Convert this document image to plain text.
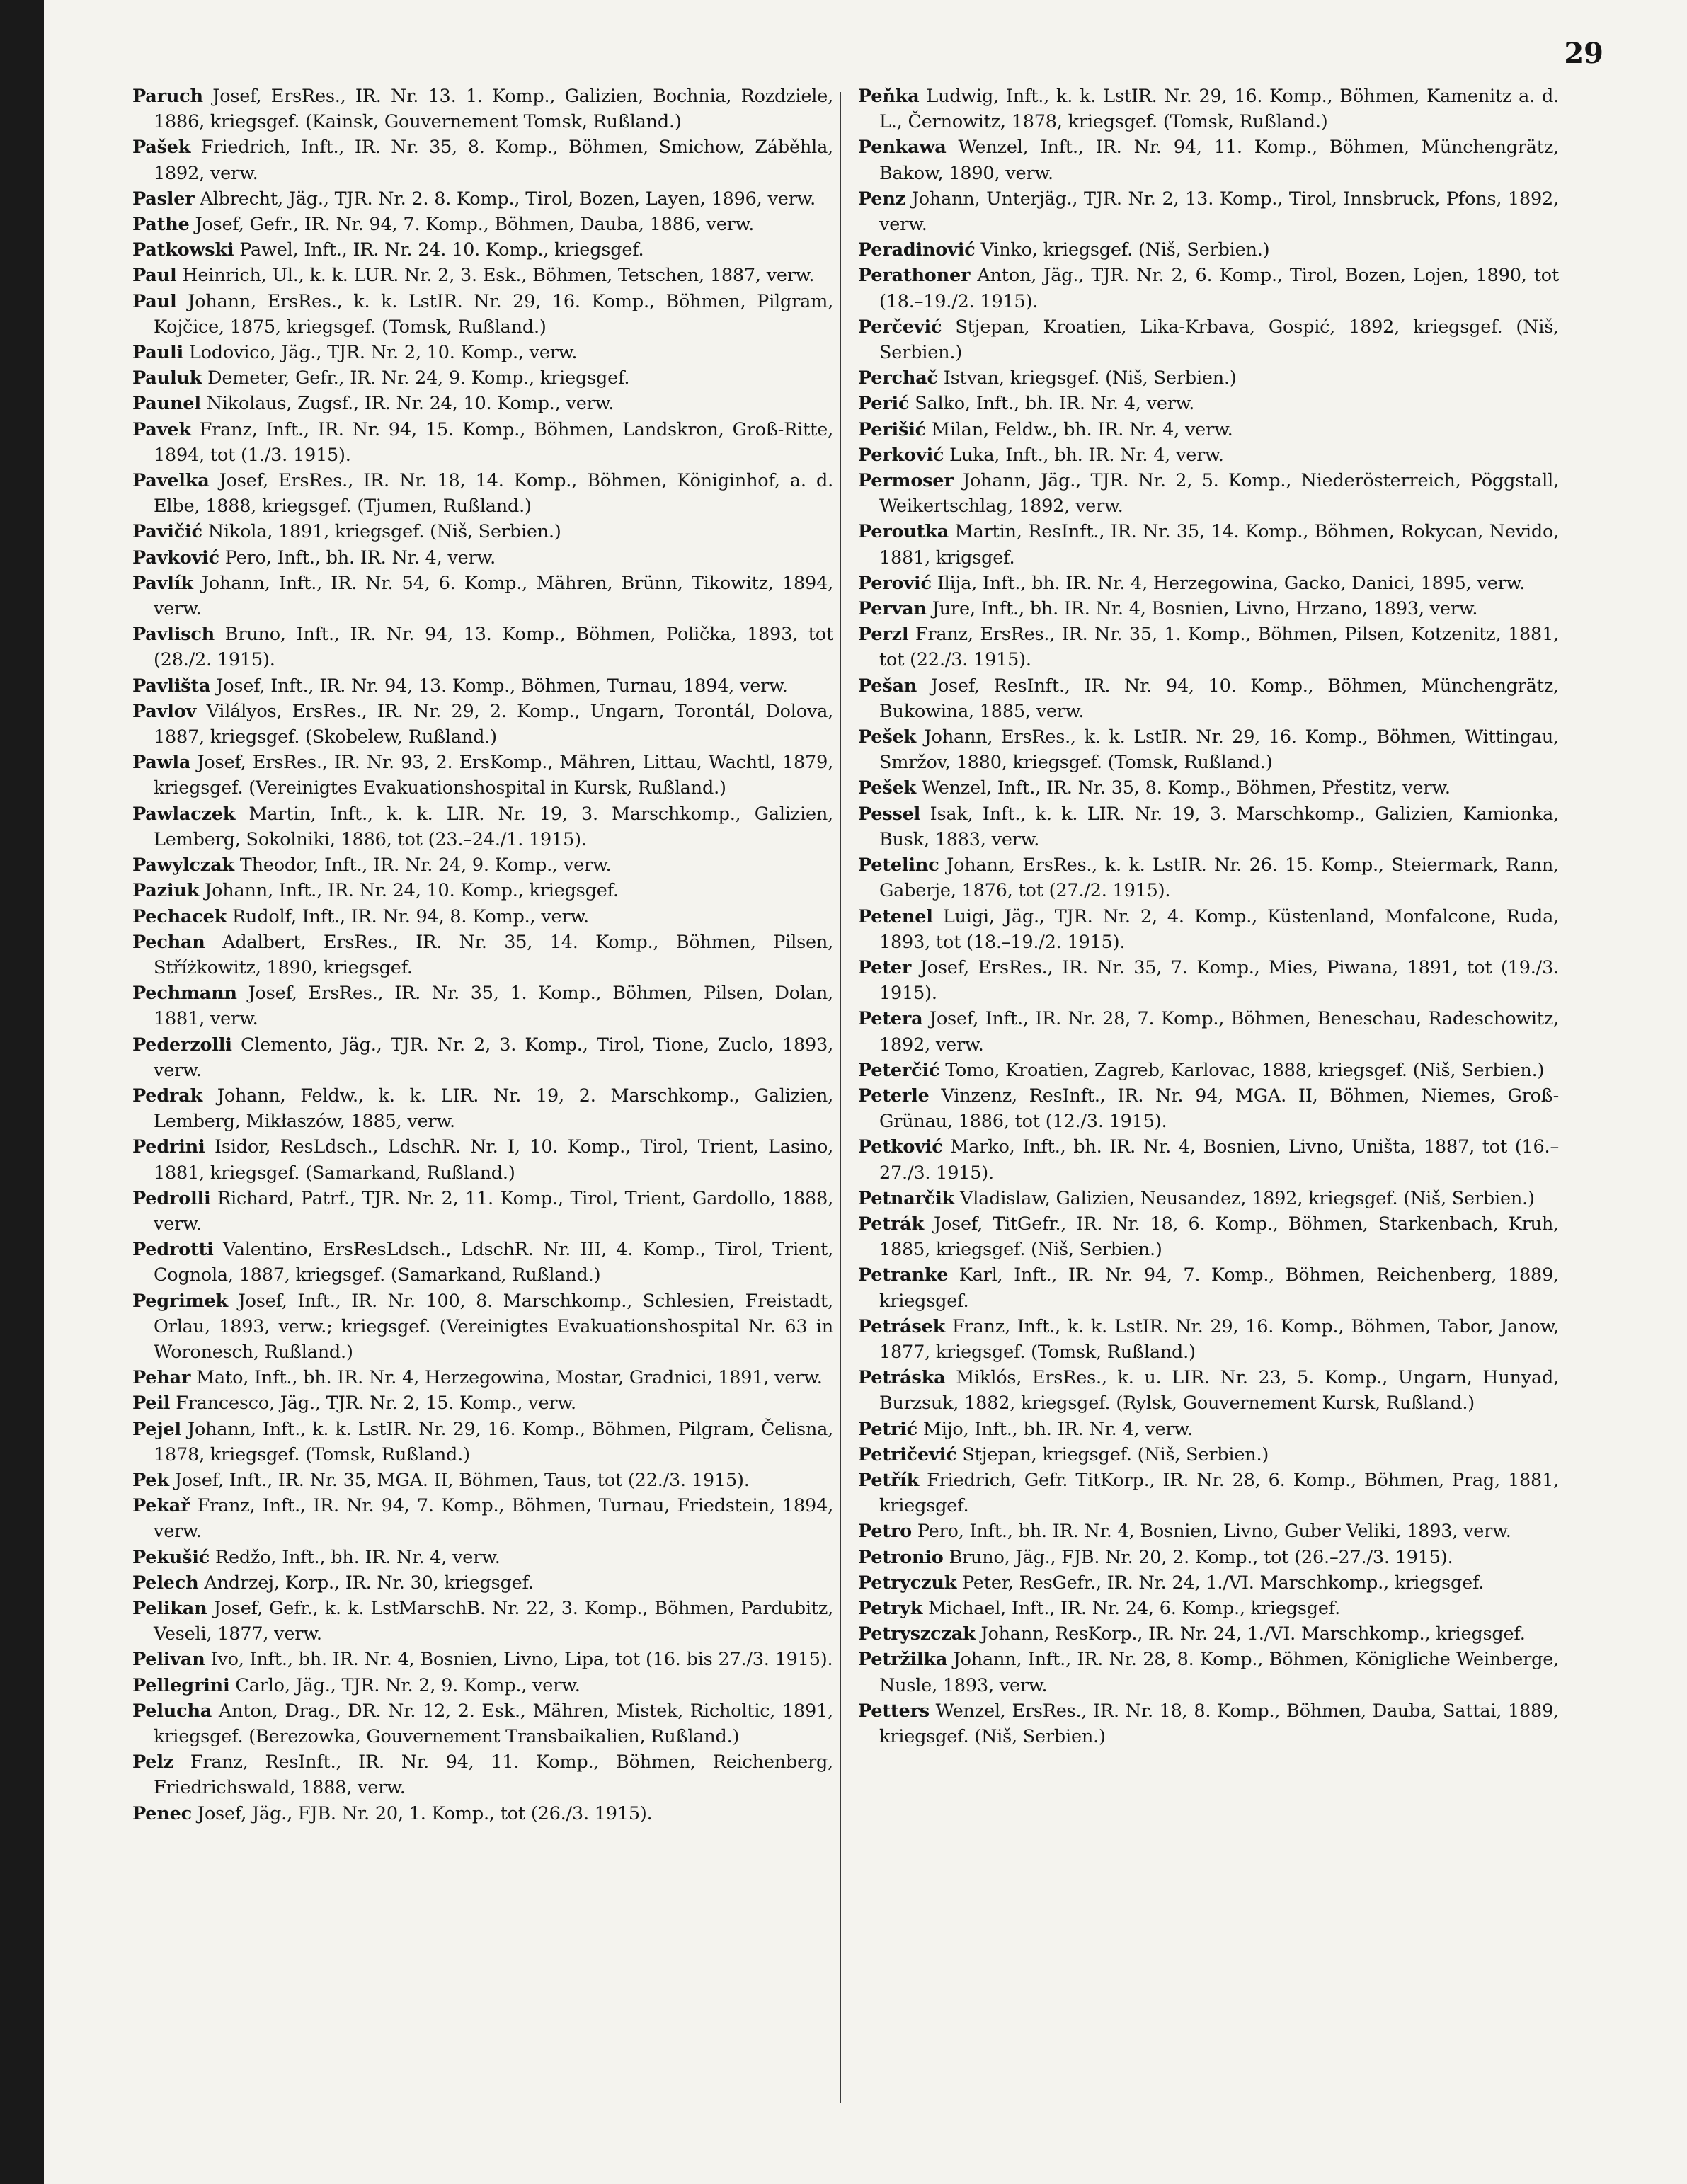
29

Paruch Josef, ErsRes., IR. Nr. 13. 1. Komp., Galizien, Bochnia, Rozdziele, 1886, kriegsgef. (Kainsk, Gouvernement Tomsk, Rußland.)

Pašek Friedrich, Inft., IR. Nr. 35, 8. Komp., Böhmen, Smichow, Záběhla, 1892, verw.

Pasler Albrecht, Jäg., TJR. Nr. 2. 8. Komp., Tirol, Bozen, Layen, 1896, verw.

Pathe Josef, Gefr., IR. Nr. 94, 7. Komp., Böhmen, Dauba, 1886, verw.

Patkowski Pawel, Inft., IR. Nr. 24. 10. Komp., kriegsgef.

Paul Heinrich, Ul., k. k. LUR. Nr. 2, 3. Esk., Böhmen, Tetschen, 1887, verw.

Paul Johann, ErsRes., k. k. LstIR. Nr. 29, 16. Komp., Böhmen, Pilgram, Kojčice, 1875, kriegsgef. (Tomsk, Rußland.)

Pauli Lodovico, Jäg., TJR. Nr. 2, 10. Komp., verw.

Pauluk Demeter, Gefr., IR. Nr. 24, 9. Komp., kriegsgef.

Paunel Nikolaus, Zugsf., IR. Nr. 24, 10. Komp., verw.

Pavek Franz, Inft., IR. Nr. 94, 15. Komp., Böhmen, Landskron, Groß-Ritte, 1894, tot (1./3. 1915).

Pavelka Josef, ErsRes., IR. Nr. 18, 14. Komp., Böhmen, Königinhof, a. d. Elbe, 1888, kriegsgef. (Tjumen, Rußland.)

Pavičić Nikola, 1891, kriegsgef. (Niš, Serbien.)

Pavković Pero, Inft., bh. IR. Nr. 4, verw.

Pavlík Johann, Inft., IR. Nr. 54, 6. Komp., Mähren, Brünn, Tikowitz, 1894, verw.

Pavlisch Bruno, Inft., IR. Nr. 94, 13. Komp., Böhmen, Polička, 1893, tot (28./2. 1915).

Pavlišta Josef, Inft., IR. Nr. 94, 13. Komp., Böhmen, Turnau, 1894, verw.

Pavlov Vilályos, ErsRes., IR. Nr. 29, 2. Komp., Ungarn, Torontál, Dolova, 1887, kriegsgef. (Skobelew, Rußland.)

Pawla Josef, ErsRes., IR. Nr. 93, 2. ErsKomp., Mähren, Littau, Wachtl, 1879, kriegsgef. (Vereinigtes Evakuationshospital in Kursk, Rußland.)

Pawlaczek Martin, Inft., k. k. LIR. Nr. 19, 3. Marschkomp., Galizien, Lemberg, Sokolniki, 1886, tot (23.–24./1. 1915).

Pawylczak Theodor, Inft., IR. Nr. 24, 9. Komp., verw.

Paziuk Johann, Inft., IR. Nr. 24, 10. Komp., kriegsgef.

Pechacek Rudolf, Inft., IR. Nr. 94, 8. Komp., verw.

Pechan Adalbert, ErsRes., IR. Nr. 35, 14. Komp., Böhmen, Pilsen, Stříżkowitz, 1890, kriegsgef.

Pechmann Josef, ErsRes., IR. Nr. 35, 1. Komp., Böhmen, Pilsen, Dolan, 1881, verw.

Pederzolli Clemento, Jäg., TJR. Nr. 2, 3. Komp., Tirol, Tione, Zuclo, 1893, verw.

Pedrak Johann, Feldw., k. k. LIR. Nr. 19, 2. Marschkomp., Galizien, Lemberg, Mikłaszów, 1885, verw.

Pedrini Isidor, ResLdsch., LdschR. Nr. I, 10. Komp., Tirol, Trient, Lasino, 1881, kriegsgef. (Samarkand, Rußland.)

Pedrolli Richard, Patrf., TJR. Nr. 2, 11. Komp., Tirol, Trient, Gardollo, 1888, verw.

Pedrotti Valentino, ErsResLdsch., LdschR. Nr. III, 4. Komp., Tirol, Trient, Cognola, 1887, kriegsgef. (Samarkand, Rußland.)

Pegrimek Josef, Inft., IR. Nr. 100, 8. Marschkomp., Schlesien, Freistadt, Orlau, 1893, verw.; kriegsgef. (Vereinigtes Evakuationshospital Nr. 63 in Woronesch, Rußland.)

Pehar Mato, Inft., bh. IR. Nr. 4, Herzegowina, Mostar, Gradnici, 1891, verw.

Peil Francesco, Jäg., TJR. Nr. 2, 15. Komp., verw.

Pejel Johann, Inft., k. k. LstIR. Nr. 29, 16. Komp., Böhmen, Pilgram, Čelisna, 1878, kriegsgef. (Tomsk, Rußland.)

Pek Josef, Inft., IR. Nr. 35, MGA. II, Böhmen, Taus, tot (22./3. 1915).

Pekař Franz, Inft., IR. Nr. 94, 7. Komp., Böhmen, Turnau, Friedstein, 1894, verw.

Pekušić Redžo, Inft., bh. IR. Nr. 4, verw.

Pelech Andrzej, Korp., IR. Nr. 30, kriegsgef.

Pelikan Josef, Gefr., k. k. LstMarschB. Nr. 22, 3. Komp., Böhmen, Pardubitz, Veseli, 1877, verw.

Pelivan Ivo, Inft., bh. IR. Nr. 4, Bosnien, Livno, Lipa, tot (16. bis 27./3. 1915).

Pellegrini Carlo, Jäg., TJR. Nr. 2, 9. Komp., verw.

Pelucha Anton, Drag., DR. Nr. 12, 2. Esk., Mähren, Mistek, Richoltic, 1891, kriegsgef. (Berezowka, Gouvernement Transbaikalien, Rußland.)

Pelz Franz, ResInft., IR. Nr. 94, 11. Komp., Böhmen, Reichenberg, Friedrichswald, 1888, verw.

Penec Josef, Jäg., FJB. Nr. 20, 1. Komp., tot (26./3. 1915).

Peňka Ludwig, Inft., k. k. LstIR. Nr. 29, 16. Komp., Böhmen, Kamenitz a. d. L., Černowitz, 1878, kriegsgef. (Tomsk, Rußland.)

Penkawa Wenzel, Inft., IR. Nr. 94, 11. Komp., Böhmen, Münchengrätz, Bakow, 1890, verw.

Penz Johann, Unterjäg., TJR. Nr. 2, 13. Komp., Tirol, Innsbruck, Pfons, 1892, verw.

Peradinović Vinko, kriegsgef. (Niš, Serbien.)

Perathoner Anton, Jäg., TJR. Nr. 2, 6. Komp., Tirol, Bozen, Lojen, 1890, tot (18.–19./2. 1915).

Perčević Stjepan, Kroatien, Lika-Krbava, Gospić, 1892, kriegsgef. (Niš, Serbien.)

Perchač Istvan, kriegsgef. (Niš, Serbien.)

Perić Salko, Inft., bh. IR. Nr. 4, verw.

Perišić Milan, Feldw., bh. IR. Nr. 4, verw.

Perković Luka, Inft., bh. IR. Nr. 4, verw.

Permoser Johann, Jäg., TJR. Nr. 2, 5. Komp., Niederösterreich, Pöggstall, Weikertschlag, 1892, verw.

Peroutka Martin, ResInft., IR. Nr. 35, 14. Komp., Böhmen, Rokycan, Nevido, 1881, krigsgef.

Perović Ilija, Inft., bh. IR. Nr. 4, Herzegowina, Gacko, Danici, 1895, verw.

Pervan Jure, Inft., bh. IR. Nr. 4, Bosnien, Livno, Hrzano, 1893, verw.

Perzl Franz, ErsRes., IR. Nr. 35, 1. Komp., Böhmen, Pilsen, Kotzenitz, 1881, tot (22./3. 1915).

Pešan Josef, ResInft., IR. Nr. 94, 10. Komp., Böhmen, Münchengrätz, Bukowina, 1885, verw.

Pešek Johann, ErsRes., k. k. LstIR. Nr. 29, 16. Komp., Böhmen, Wittingau, Smržov, 1880, kriegsgef. (Tomsk, Rußland.)

Pešek Wenzel, Inft., IR. Nr. 35, 8. Komp., Böhmen, Přestitz, verw.

Pessel Isak, Inft., k. k. LIR. Nr. 19, 3. Marschkomp., Galizien, Kamionka, Busk, 1883, verw.

Petelinc Johann, ErsRes., k. k. LstIR. Nr. 26. 15. Komp., Steiermark, Rann, Gaberje, 1876, tot (27./2. 1915).

Petenel Luigi, Jäg., TJR. Nr. 2, 4. Komp., Küstenland, Monfalcone, Ruda, 1893, tot (18.–19./2. 1915).

Peter Josef, ErsRes., IR. Nr. 35, 7. Komp., Mies, Piwana, 1891, tot (19./3. 1915).

Petera Josef, Inft., IR. Nr. 28, 7. Komp., Böhmen, Beneschau, Radeschowitz, 1892, verw.

Peterčić Tomo, Kroatien, Zagreb, Karlovac, 1888, kriegsgef. (Niš, Serbien.)

Peterle Vinzenz, ResInft., IR. Nr. 94, MGA. II, Böhmen, Niemes, Groß-Grünau, 1886, tot (12./3. 1915).

Petković Marko, Inft., bh. IR. Nr. 4, Bosnien, Livno, Uništa, 1887, tot (16.–27./3. 1915).

Petnarčik Vladislaw, Galizien, Neusandez, 1892, kriegsgef. (Niš, Serbien.)

Petrák Josef, TitGefr., IR. Nr. 18, 6. Komp., Böhmen, Starkenbach, Kruh, 1885, kriegsgef. (Niš, Serbien.)

Petranke Karl, Inft., IR. Nr. 94, 7. Komp., Böhmen, Reichenberg, 1889, kriegsgef.

Petrásek Franz, Inft., k. k. LstIR. Nr. 29, 16. Komp., Böhmen, Tabor, Janow, 1877, kriegsgef. (Tomsk, Rußland.)

Petráska Miklós, ErsRes., k. u. LIR. Nr. 23, 5. Komp., Ungarn, Hunyad, Burzsuk, 1882, kriegsgef. (Rylsk, Gouvernement Kursk, Rußland.)

Petrić Mijo, Inft., bh. IR. Nr. 4, verw.

Petričević Stjepan, kriegsgef. (Niš, Serbien.)

Petřík Friedrich, Gefr. TitKorp., IR. Nr. 28, 6. Komp., Böhmen, Prag, 1881, kriegsgef.

Petro Pero, Inft., bh. IR. Nr. 4, Bosnien, Livno, Guber Veliki, 1893, verw.

Petronio Bruno, Jäg., FJB. Nr. 20, 2. Komp., tot (26.–27./3. 1915).

Petryczuk Peter, ResGefr., IR. Nr. 24, 1./VI. Marschkomp., kriegsgef.

Petryk Michael, Inft., IR. Nr. 24, 6. Komp., kriegsgef.

Petryszczak Johann, ResKorp., IR. Nr. 24, 1./VI. Marschkomp., kriegsgef.

Petržilka Johann, Inft., IR. Nr. 28, 8. Komp., Böhmen, Königliche Weinberge, Nusle, 1893, verw.

Petters Wenzel, ErsRes., IR. Nr. 18, 8. Komp., Böhmen, Dauba, Sattai, 1889, kriegsgef. (Niš, Serbien.)
